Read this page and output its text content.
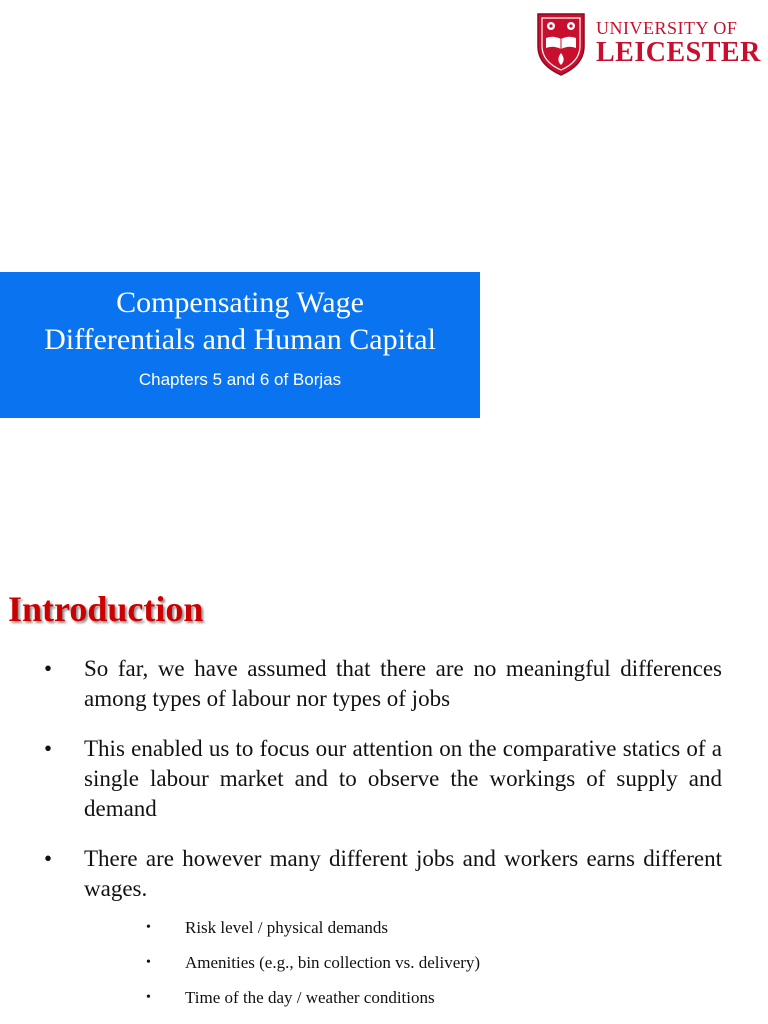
UNIVERSITY OF
LEICESTER
Compensating Wage
Differentials and Human Capital
Chapters 5 and 6 of Borjas
Introduction
• So far, we have assumed that there are no meaningful differences among types of labour nor types of jobs
• This enabled us to focus our attention on the comparative statics of a single labour market and to observe the workings of supply and demand
• There are however many different jobs and workers earns different wages.
• Risk level / physical demands
• Amenities (e.g., bin collection vs. delivery)
• Time of the day / weather conditions
